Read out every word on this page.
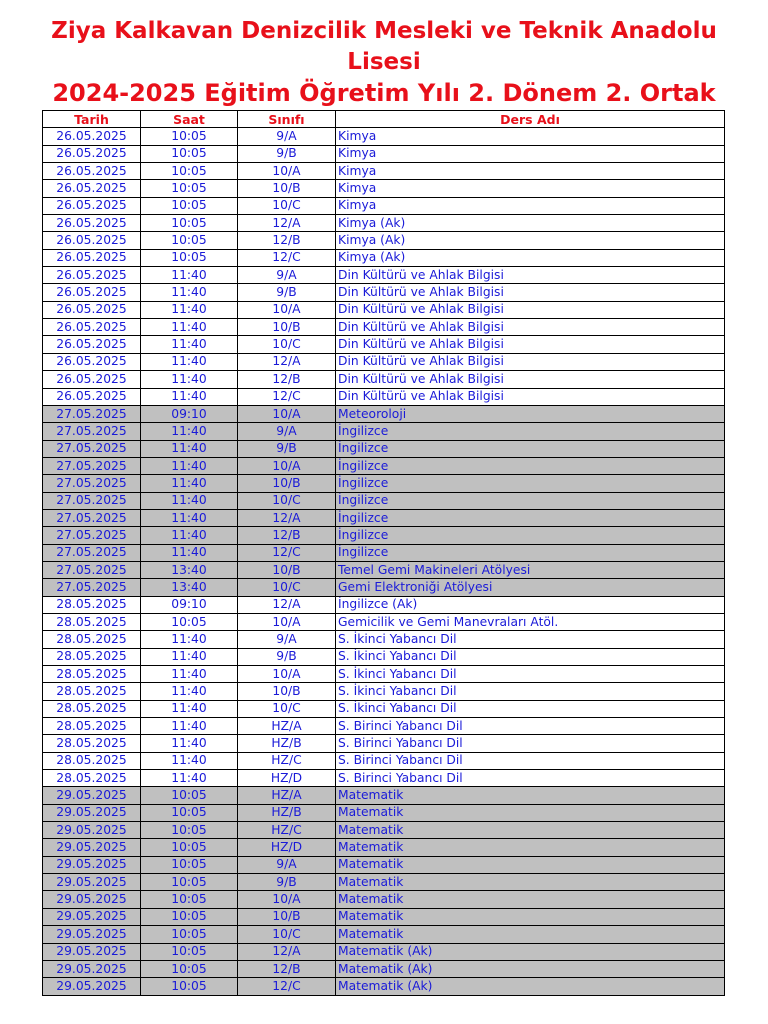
Ziya Kalkavan Denizcilik Mesleki ve Teknik Anadolu
Lisesi
2024-2025 Eğitim Öğretim Yılı 2. Dönem 2. Ortak
Tarih	Saat	Sınıfı	Ders Adı
26.05.2025	10:05	9/A	Kimya
26.05.2025	10:05	9/B	Kimya
26.05.2025	10:05	10/A	Kimya
26.05.2025	10:05	10/B	Kimya
26.05.2025	10:05	10/C	Kimya
26.05.2025	10:05	12/A	Kimya (Ak)
26.05.2025	10:05	12/B	Kimya (Ak)
26.05.2025	10:05	12/C	Kimya (Ak)
26.05.2025	11:40	9/A	Din Kültürü ve Ahlak Bilgisi
26.05.2025	11:40	9/B	Din Kültürü ve Ahlak Bilgisi
26.05.2025	11:40	10/A	Din Kültürü ve Ahlak Bilgisi
26.05.2025	11:40	10/B	Din Kültürü ve Ahlak Bilgisi
26.05.2025	11:40	10/C	Din Kültürü ve Ahlak Bilgisi
26.05.2025	11:40	12/A	Din Kültürü ve Ahlak Bilgisi
26.05.2025	11:40	12/B	Din Kültürü ve Ahlak Bilgisi
26.05.2025	11:40	12/C	Din Kültürü ve Ahlak Bilgisi
27.05.2025	09:10	10/A	Meteoroloji
27.05.2025	11:40	9/A	İngilizce
27.05.2025	11:40	9/B	İngilizce
27.05.2025	11:40	10/A	İngilizce
27.05.2025	11:40	10/B	İngilizce
27.05.2025	11:40	10/C	İngilizce
27.05.2025	11:40	12/A	İngilizce
27.05.2025	11:40	12/B	İngilizce
27.05.2025	11:40	12/C	İngilizce
27.05.2025	13:40	10/B	Temel Gemi Makineleri Atölyesi
27.05.2025	13:40	10/C	Gemi Elektroniği Atölyesi
28.05.2025	09:10	12/A	İngilizce (Ak)
28.05.2025	10:05	10/A	Gemicilik ve Gemi Manevraları Atöl.
28.05.2025	11:40	9/A	S. İkinci Yabancı Dil
28.05.2025	11:40	9/B	S. İkinci Yabancı Dil
28.05.2025	11:40	10/A	S. İkinci Yabancı Dil
28.05.2025	11:40	10/B	S. İkinci Yabancı Dil
28.05.2025	11:40	10/C	S. İkinci Yabancı Dil
28.05.2025	11:40	HZ/A	S. Birinci Yabancı Dil
28.05.2025	11:40	HZ/B	S. Birinci Yabancı Dil
28.05.2025	11:40	HZ/C	S. Birinci Yabancı Dil
28.05.2025	11:40	HZ/D	S. Birinci Yabancı Dil
29.05.2025	10:05	HZ/A	Matematik
29.05.2025	10:05	HZ/B	Matematik
29.05.2025	10:05	HZ/C	Matematik
29.05.2025	10:05	HZ/D	Matematik
29.05.2025	10:05	9/A	Matematik
29.05.2025	10:05	9/B	Matematik
29.05.2025	10:05	10/A	Matematik
29.05.2025	10:05	10/B	Matematik
29.05.2025	10:05	10/C	Matematik
29.05.2025	10:05	12/A	Matematik (Ak)
29.05.2025	10:05	12/B	Matematik (Ak)
29.05.2025	10:05	12/C	Matematik (Ak)
